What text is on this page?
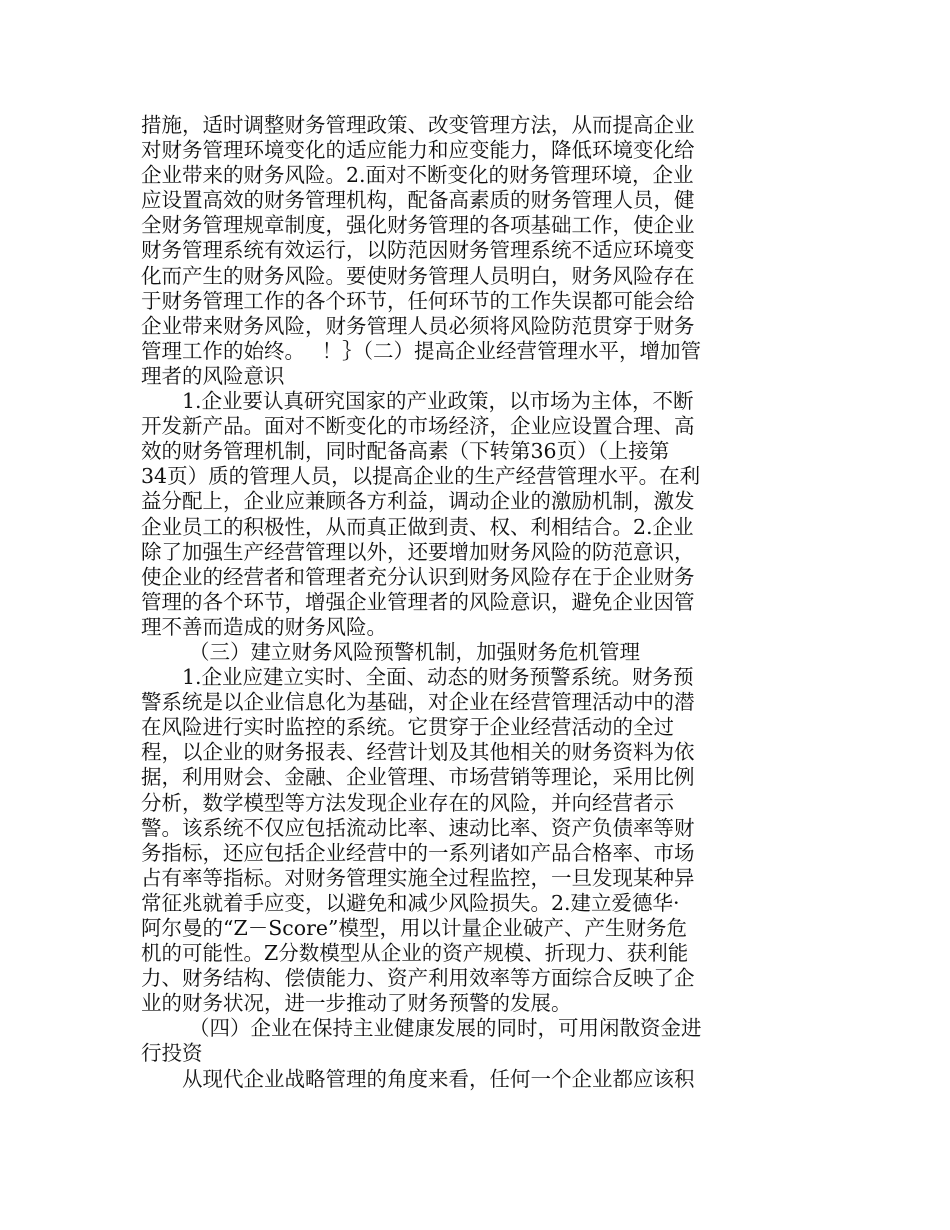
措施，适时调整财务管理政策、改变管理方法，从而提高企业
对财务管理环境变化的适应能力和应变能力，降低环境变化给
企业带来的财务风险。2.面对不断变化的财务管理环境，企业
应设置高效的财务管理机构，配备高素质的财务管理人员，健
全财务管理规章制度，强化财务管理的各项基础工作，使企业
财务管理系统有效运行，以防范因财务管理系统不适应环境变
化而产生的财务风险。要使财务管理人员明白，财务风险存在
于财务管理工作的各个环节，任何环节的工作失误都可能会给
企业带来财务风险，财务管理人员必须将风险防范贯穿于财务
管理工作的始终。　 ！｝（二）提高企业经营管理水平，增加管
理者的风险意识
1.企业要认真研究国家的产业政策，以市场为主体，不断
开发新产品。面对不断变化的市场经济，企业应设置合理、高
效的财务管理机制，同时配备高素（下转第36页）（上接第
34页）质的管理人员，以提高企业的生产经营管理水平。在利
益分配上，企业应兼顾各方利益，调动企业的激励机制，激发
企业员工的积极性，从而真正做到责、权、利相结合。2.企业
除了加强生产经营管理以外，还要增加财务风险的防范意识，
使企业的经营者和管理者充分认识到财务风险存在于企业财务
管理的各个环节，增强企业管理者的风险意识，避免企业因管
理不善而造成的财务风险。
（三）建立财务风险预警机制，加强财务危机管理
1.企业应建立实时、全面、动态的财务预警系统。财务预
警系统是以企业信息化为基础，对企业在经营管理活动中的潜
在风险进行实时监控的系统。它贯穿于企业经营活动的全过
程，以企业的财务报表、经营计划及其他相关的财务资料为依
据，利用财会、金融、企业管理、市场营销等理论，采用比例
分析，数学模型等方法发现企业存在的风险，并向经营者示
警。该系统不仅应包括流动比率、速动比率、资产负债率等财
务指标，还应包括企业经营中的一系列诸如产品合格率、市场
占有率等指标。对财务管理实施全过程监控，一旦发现某种异
常征兆就着手应变，以避免和减少风险损失。2.建立爱德华·
阿尔曼的“Z－Score”模型，用以计量企业破产、产生财务危
机的可能性。Z分数模型从企业的资产规模、折现力、获利能
力、财务结构、偿债能力、资产利用效率等方面综合反映了企
业的财务状况，进一步推动了财务预警的发展。
（四）企业在保持主业健康发展的同时，可用闲散资金进
行投资
从现代企业战略管理的角度来看，任何一个企业都应该积
